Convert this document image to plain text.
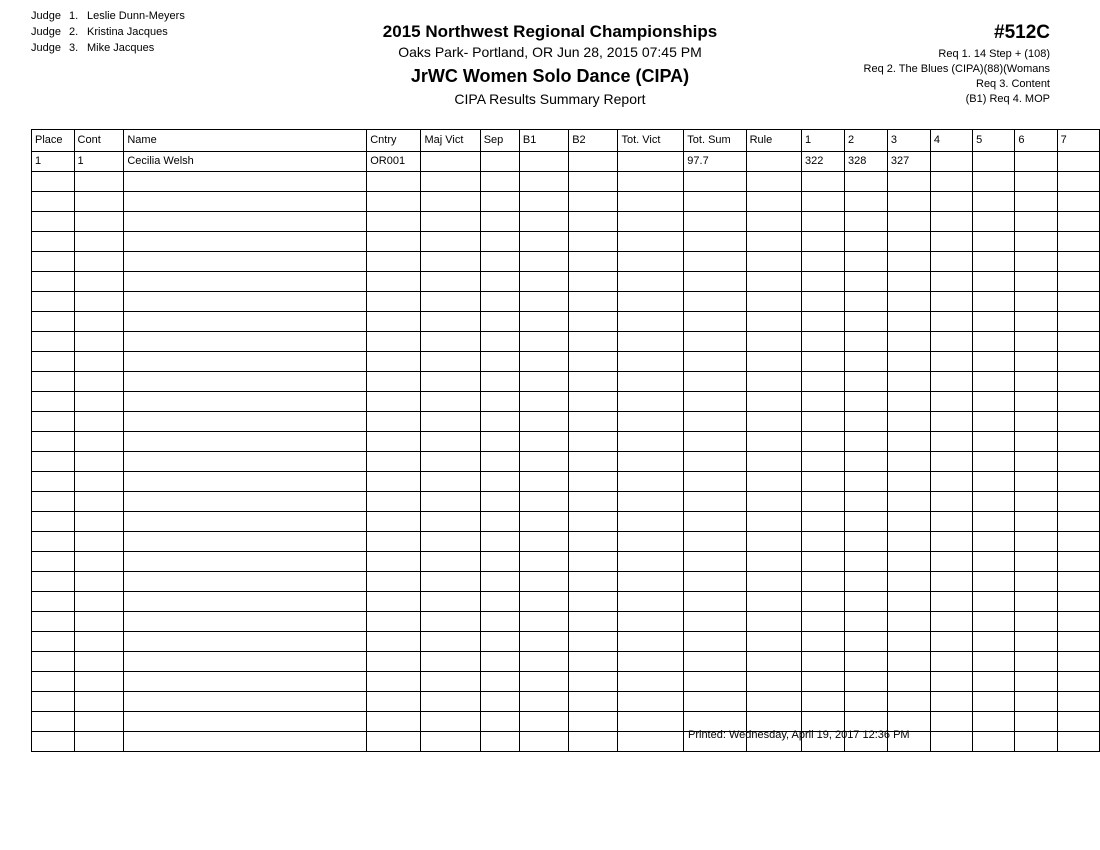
Judge 1. Leslie Dunn-Meyers
Judge 2. Kristina Jacques
Judge 3. Mike Jacques
2015 Northwest Regional Championships
Oaks Park- Portland, OR Jun 28, 2015 07:45 PM
JrWC Women Solo Dance (CIPA)
CIPA Results Summary Report
#512C
Req 1. 14 Step + (108)
Req 2. The Blues (CIPA)(88)(Womans
Req 3. Content
(B1) Req 4. MOP
Place	Cont	Name	Cntry	Maj Vict	Sep	B1	B2	Tot. Vict	Tot. Sum	Rule	1	2	3	4	5	6	7
1	1	Cecilia Welsh	OR001						97.7		322	328	327				

Printed: Wednesday, April 19, 2017 12:36 PM
